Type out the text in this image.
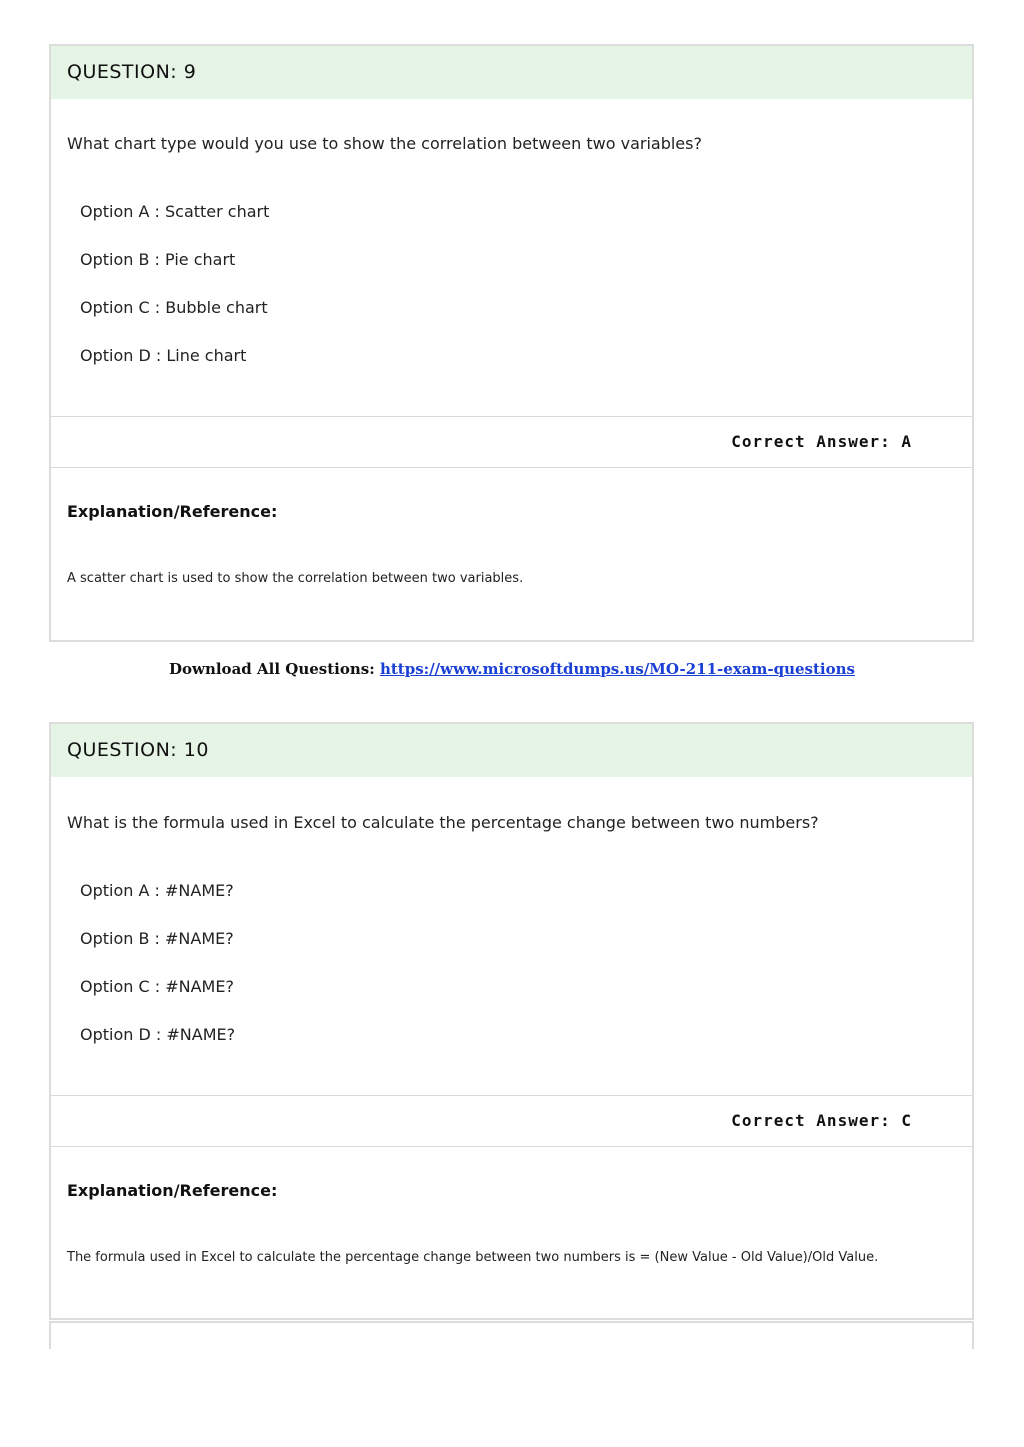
QUESTION: 9
What chart type would you use to show the correlation between two variables?
Option A : Scatter chart
Option B : Pie chart
Option C : Bubble chart
Option D : Line chart
Correct Answer: A
Explanation/Reference:
A scatter chart is used to show the correlation between two variables.
Download All Questions: https://www.microsoftdumps.us/MO-211-exam-questions
QUESTION: 10
What is the formula used in Excel to calculate the percentage change between two numbers?
Option A : #NAME?
Option B : #NAME?
Option C : #NAME?
Option D : #NAME?
Correct Answer: C
Explanation/Reference:
The formula used in Excel to calculate the percentage change between two numbers is = (New Value - Old Value)/Old Value.
